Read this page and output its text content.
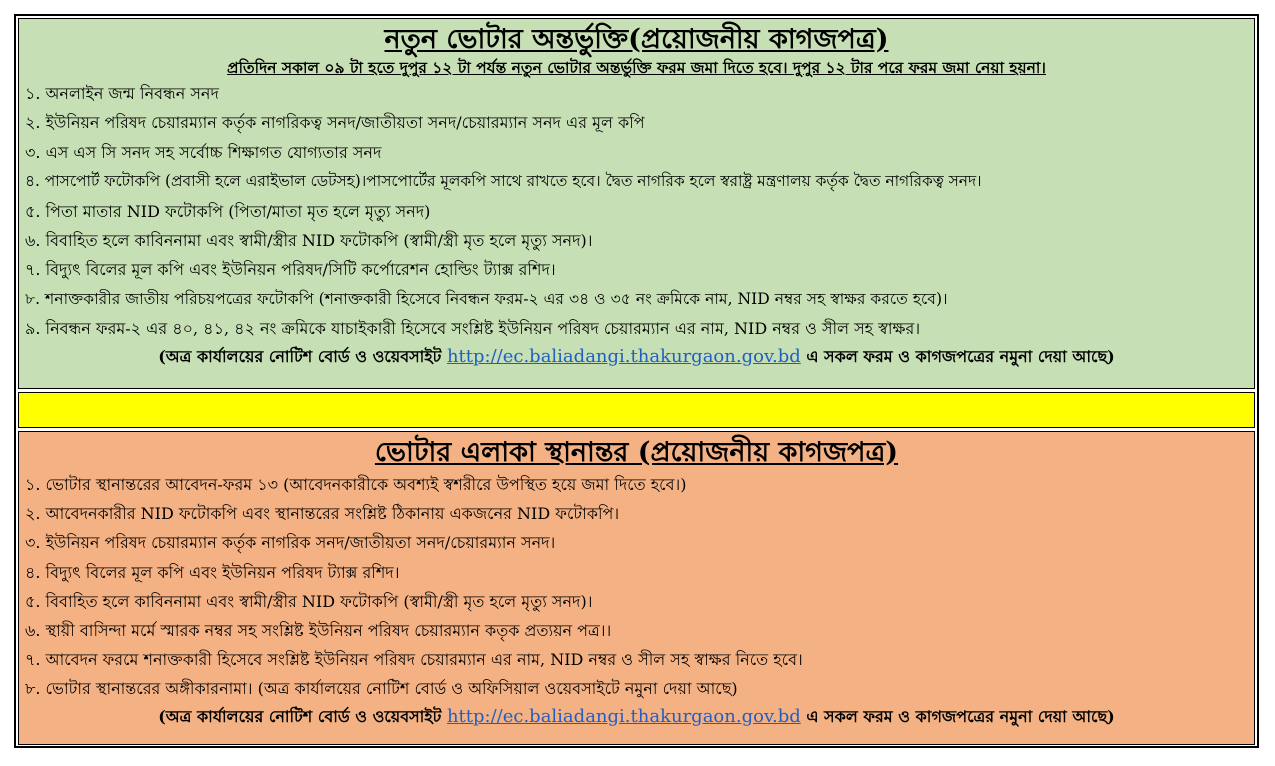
নতুন ভোটার অন্তর্ভুক্তি(প্রয়োজনীয় কাগজপত্র)
প্রতিদিন সকাল ০৯ টা হতে দুপুর ১২ টা পর্যন্ত নতুন ভোটার অন্তর্ভুক্তি ফরম জমা দিতে হবে। দুপুর ১২ টার পরে ফরম জমা নেয়া হয়না।
১. অনলাইন জন্ম নিবন্ধন সনদ
২. ইউনিয়ন পরিষদ চেয়ারম্যান কর্তৃক নাগরিকত্ব সনদ/জাতীয়তা সনদ/চেয়ারম্যান সনদ এর মূল কপি
৩. এস এস সি সনদ সহ সর্বোচ্চ শিক্ষাগত যোগ্যতার সনদ
৪. পাসপোর্ট ফটোকপি (প্রবাসী হলে এরাইভাল ডেটসহ)।পাসপোর্টের মূলকপি সাথে রাখতে হবে। দ্বৈত নাগরিক হলে স্বরাষ্ট্র মন্ত্রণালয় কর্তৃক দ্বৈত নাগরিকত্ব সনদ।
৫. পিতা মাতার NID ফটোকপি (পিতা/মাতা মৃত হলে মৃত্যু সনদ)
৬. বিবাহিত হলে কাবিননামা এবং স্বামী/স্ত্রীর NID ফটোকপি (স্বামী/স্ত্রী মৃত হলে মৃত্যু সনদ)।
৭. বিদ্যুৎ বিলের মূল কপি এবং ইউনিয়ন পরিষদ/সিটি কর্পোরেশন হোল্ডিং ট্যাক্স রশিদ।
৮. শনাক্তকারীর জাতীয় পরিচয়পত্রের ফটোকপি (শনাক্তকারী হিসেবে নিবন্ধন ফরম-২ এর ৩৪ ও ৩৫ নং ক্রমিকে নাম, NID নম্বর সহ স্বাক্ষর করতে হবে)।
৯. নিবন্ধন ফরম-২ এর ৪০, ৪১, ৪২ নং ক্রমিকে যাচাইকারী হিসেবে সংশ্লিষ্ট ইউনিয়ন পরিষদ চেয়ারম্যান এর নাম, NID নম্বর ও সীল সহ স্বাক্ষর।
(অত্র কার্যালয়ের নোটিশ বোর্ড ও ওয়েবসাইট http://ec.baliadangi.thakurgaon.gov.bd এ সকল ফরম ও কাগজপত্রের নমুনা দেয়া আছে)
ভোটার এলাকা স্থানান্তর (প্রয়োজনীয় কাগজপত্র)
১. ভোটার স্থানান্তরের আবেদন-ফরম ১৩ (আবেদনকারীকে অবশ্যই স্বশরীরে উপস্থিত হয়ে জমা দিতে হবে।)
২. আবেদনকারীর NID ফটোকপি এবং স্থানান্তরের সংশ্লিষ্ট ঠিকানায় একজনের NID ফটোকপি।
৩. ইউনিয়ন পরিষদ চেয়ারম্যান কর্তৃক নাগরিক সনদ/জাতীয়তা সনদ/চেয়ারম্যান সনদ।
৪. বিদ্যুৎ বিলের মূল কপি এবং ইউনিয়ন পরিষদ ট্যাক্স রশিদ।
৫. বিবাহিত হলে কাবিননামা এবং স্বামী/স্ত্রীর NID ফটোকপি (স্বামী/স্ত্রী মৃত হলে মৃত্যু সনদ)।
৬. স্থায়ী বাসিন্দা মর্মে স্মারক নম্বর সহ সংশ্লিষ্ট ইউনিয়ন পরিষদ চেয়ারম্যান কতৃক প্রত্যয়ন পত্র।।
৭. আবেদন ফরমে শনাক্তকারী হিসেবে সংশ্লিষ্ট ইউনিয়ন পরিষদ চেয়ারম্যান এর নাম, NID নম্বর ও সীল সহ স্বাক্ষর নিতে হবে।
৮. ভোটার স্থানান্তরের অঙ্গীকারনামা। (অত্র কার্যালয়ের নোটিশ বোর্ড ও অফিসিয়াল ওয়েবসাইটে নমুনা দেয়া আছে)
(অত্র কার্যালয়ের নোটিশ বোর্ড ও ওয়েবসাইট http://ec.baliadangi.thakurgaon.gov.bd এ সকল ফরম ও কাগজপত্রের নমুনা দেয়া আছে)
